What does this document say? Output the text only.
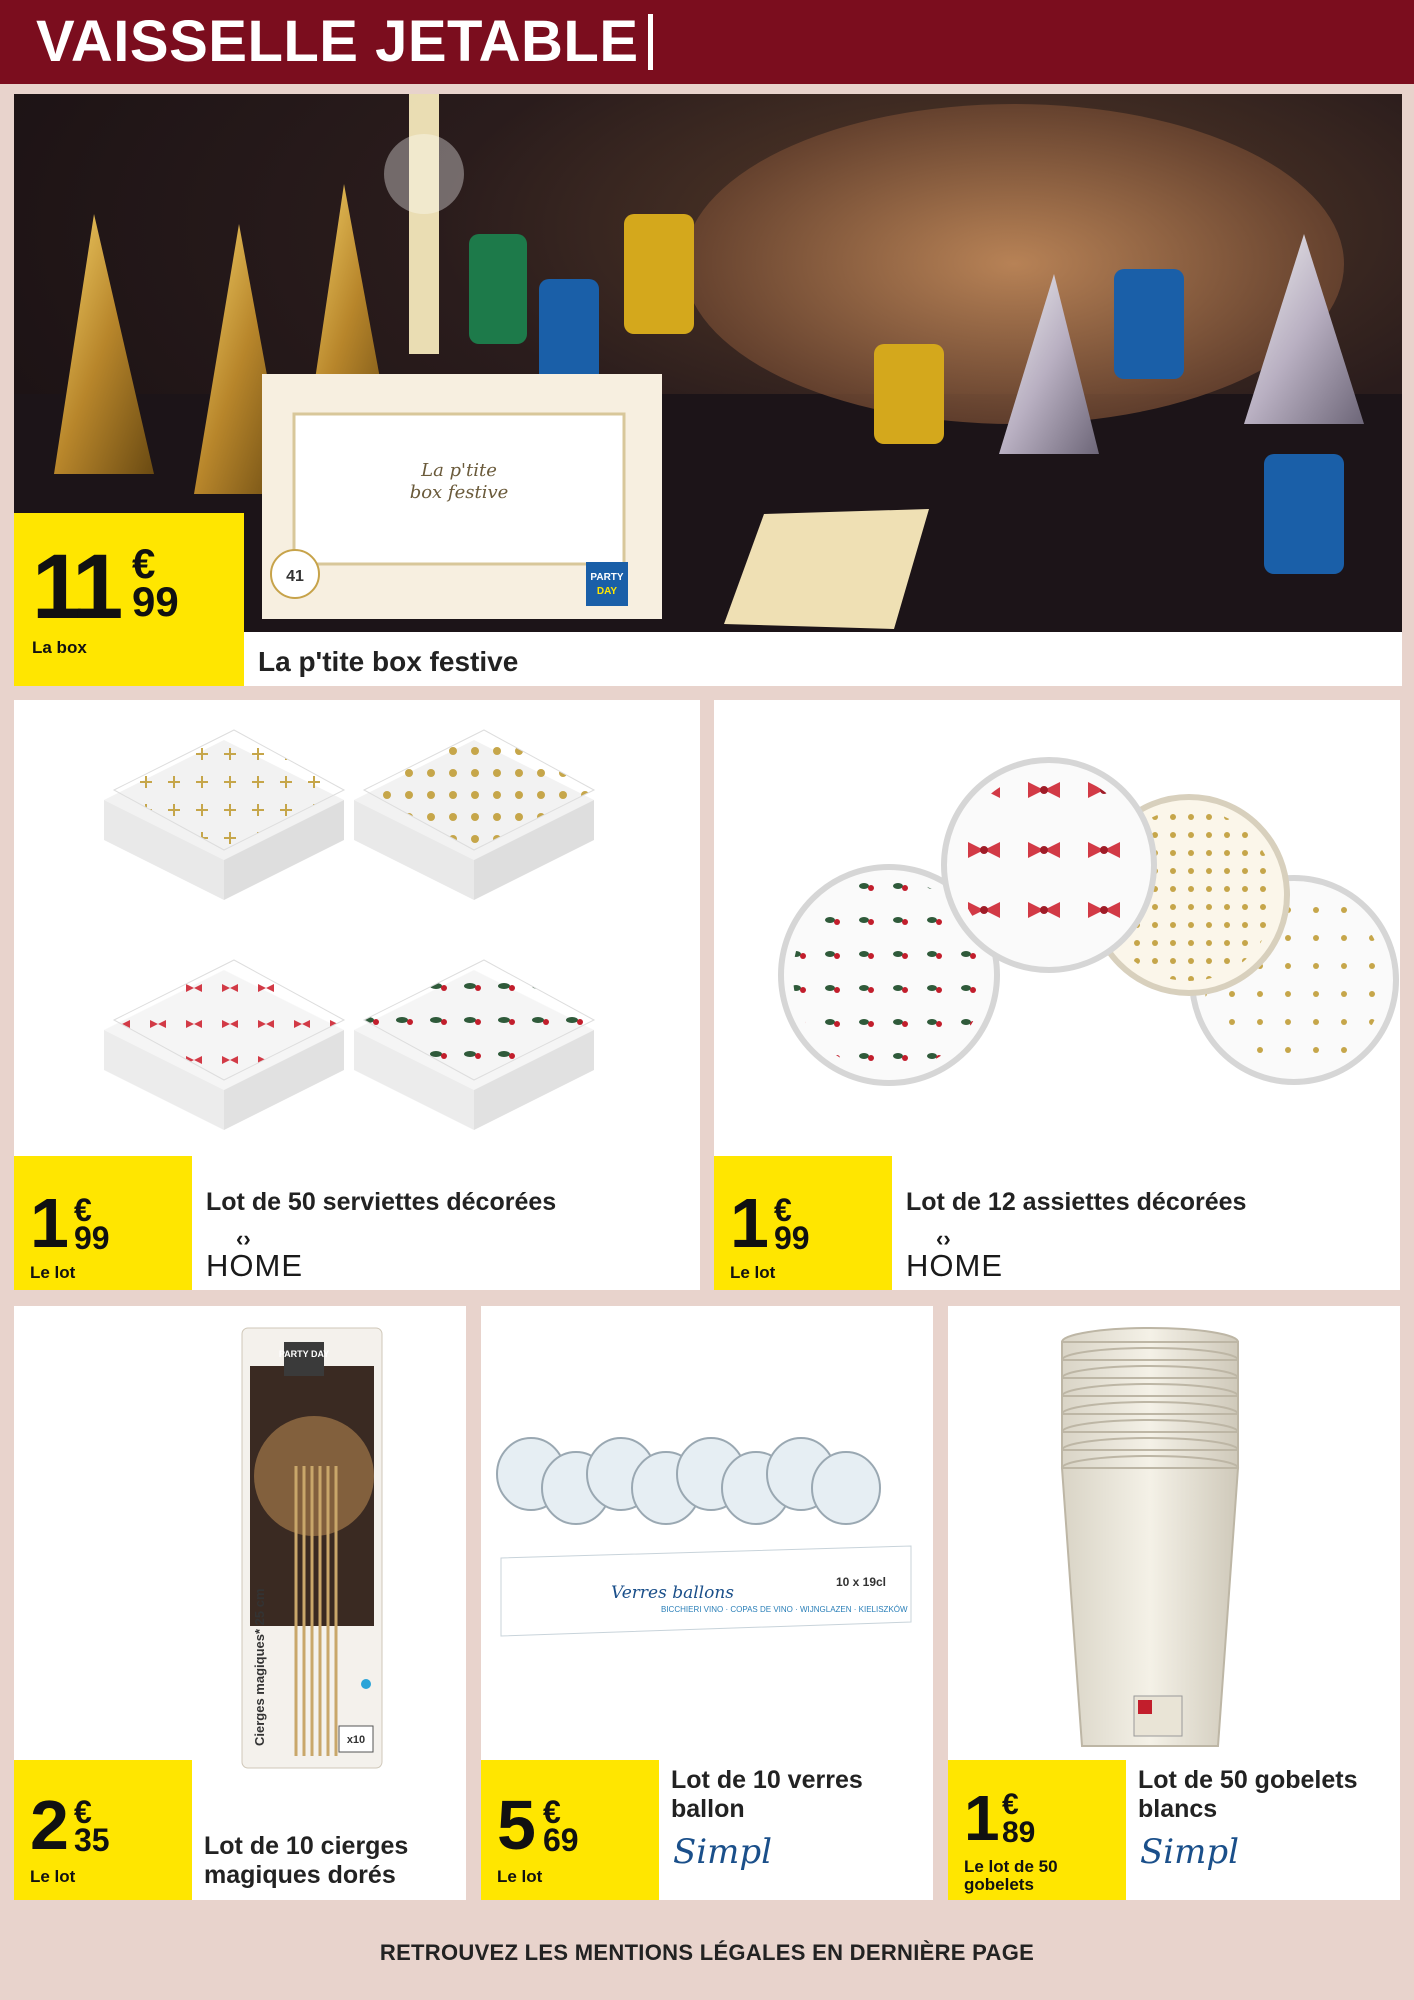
VAISSELLE JETABLE
La p'tite
box festive
41	PARTY
DAY
11 €
99
La box	La p'tite box festive
1 €
99
Le lot
Lot de 50 serviettes décorées
‹›
HOME
1 €
99
Le lot
Lot de 12 assiettes décorées
‹›
HOME
PARTY DAY
Cierges magiques* 25 cm	x10
2 €
35
Le lot
Lot de 10 cierges magiques dorés
Verres ballons
BICCHIERI VINO · COPAS DE VINO · WIJNGLAZEN · KIELISZKÓW
10 x 19cl
5 €
69
Le lot
Lot de 10 verres ballon
Simpl	1 €
89
Le lot de 50 gobelets
Lot de 50 gobelets blancs
Simpl
RETROUVEZ LES MENTIONS LÉGALES EN DERNIÈRE PAGE
